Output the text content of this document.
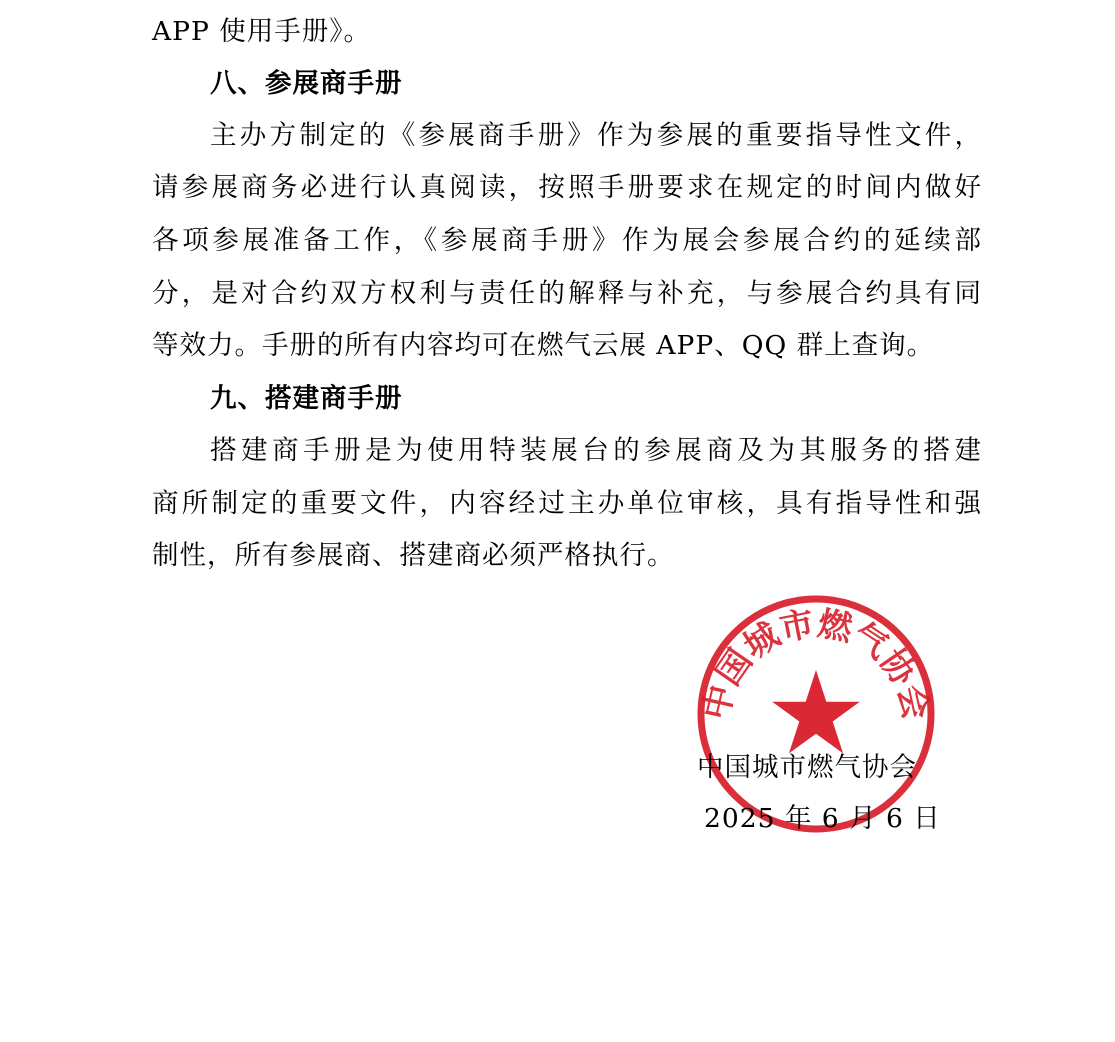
APP 使用手册》。
八、参展商手册
主办方制定的《参展商手册》作为参展的重要指导性文件，
请参展商务必进行认真阅读，按照手册要求在规定的时间内做好
各项参展准备工作，《参展商手册》作为展会参展合约的延续部
分，是对合约双方权利与责任的解释与补充，与参展合约具有同
等效力。手册的所有内容均可在燃气云展 APP、QQ 群上查询。
九、搭建商手册
搭建商手册是为使用特装展台的参展商及为其服务的搭建
商所制定的重要文件，内容经过主办单位审核，具有指导性和强
制性，所有参展商、搭建商必须严格执行。
中国城市燃气协会
中国城市燃气协会
2025 年 6 月 6 日
